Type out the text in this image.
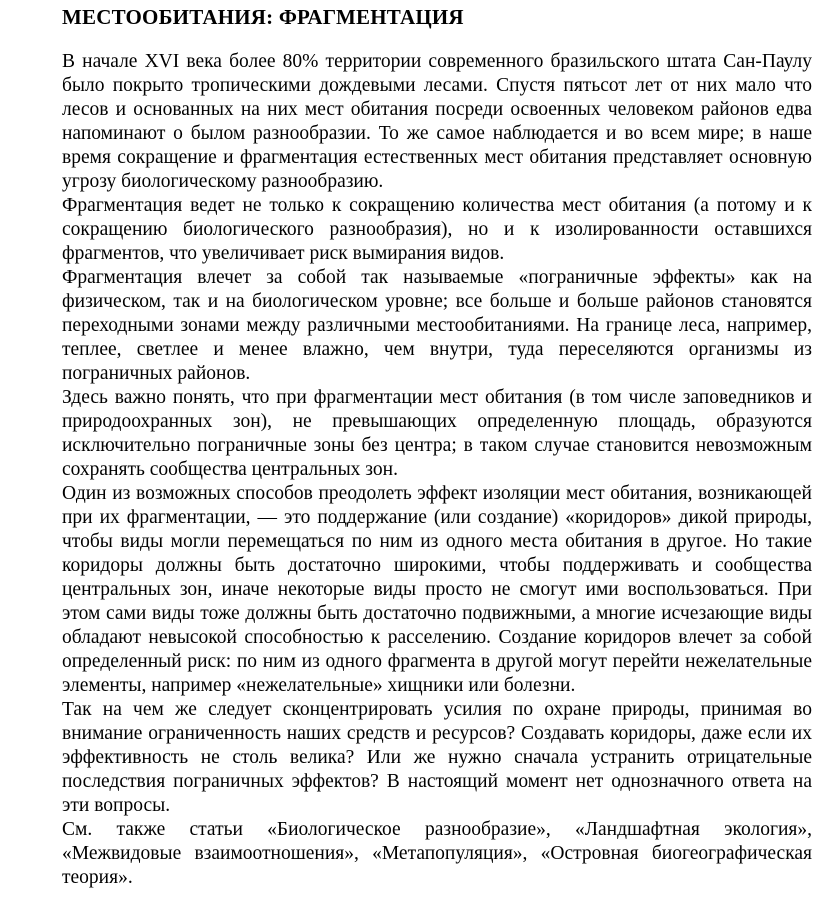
МЕСТООБИТАНИЯ: ФРАГМЕНТАЦИЯ

В начале XVI века более 80% территории современного бразильского штата Сан-Паулу было покрыто тропическими дождевыми лесами. Спустя пятьсот лет от них мало что лесов и основанных на них мест обитания посреди освоенных человеком районов едва напоминают о былом разнообразии. То же самое наблюдается и во всем мире; в наше время сокращение и фрагментация естественных мест обитания представляет основную угрозу биологическому разнообразию.

Фрагментация ведет не только к сокращению количества мест обитания (а потому и к сокращению биологического разнообразия), но и к изолированности оставшихся фрагментов, что увеличивает риск вымирания видов.

Фрагментация влечет за собой так называемые «пограничные эффекты» как на физическом, так и на биологическом уровне; все больше и больше районов становятся переходными зонами между различными местообитаниями. На границе леса, например, теплее, светлее и менее влажно, чем внутри, туда переселяются организмы из пограничных районов.

Здесь важно понять, что при фрагментации мест обитания (в том числе заповедников и природоохранных зон), не превышающих определенную площадь, образуются исключительно пограничные зоны без центра; в таком случае становится невозможным сохранять сообщества центральных зон.

Один из возможных способов преодолеть эффект изоляции мест обитания, возникающей при их фрагментации, — это поддержание (или создание) «коридоров» дикой природы, чтобы виды могли перемещаться по ним из одного места обитания в другое. Но такие коридоры должны быть достаточно широкими, чтобы поддерживать и сообщества центральных зон, иначе некоторые виды просто не смогут ими воспользоваться. При этом сами виды тоже должны быть достаточно подвижными, а многие исчезающие виды обладают невысокой способностью к расселению. Создание коридоров влечет за собой определенный риск: по ним из одного фрагмента в другой могут перейти нежелательные элементы, например «нежелательные» хищники или болезни.

Так на чем же следует сконцентрировать усилия по охране природы, принимая во внимание ограниченность наших средств и ресурсов? Создавать коридоры, даже если их эффективность не столь велика? Или же нужно сначала устранить отрицательные последствия пограничных эффектов? В настоящий момент нет однозначного ответа на эти вопросы.

См. также статьи «Биологическое разнообразие», «Ландшафтная экология», «Межвидовые взаимоотношения», «Метапопуляция», «Островная биогеографическая теория».
